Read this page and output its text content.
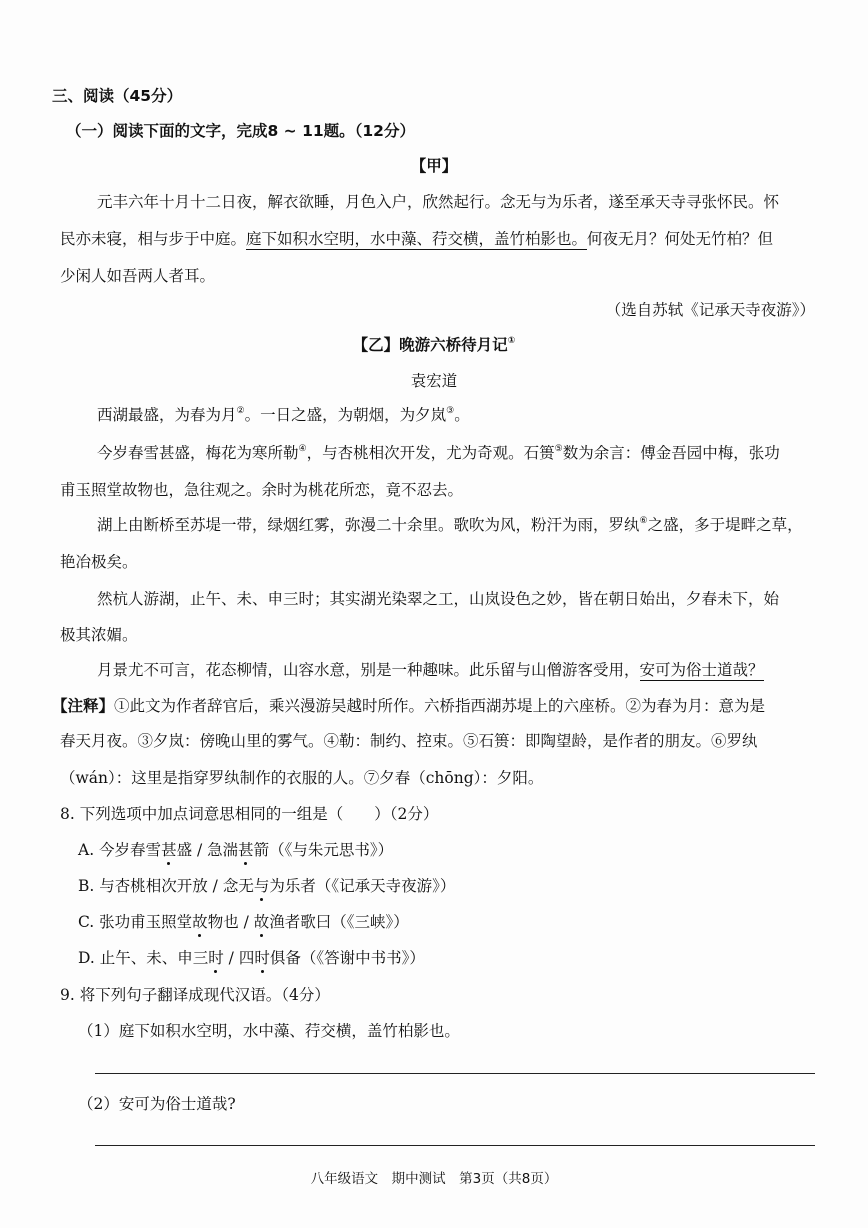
三、阅读（45分）
（一）阅读下面的文字，完成8 ~ 11题。（12分）
【甲】
元丰六年十月十二日夜，解衣欲睡，月色入户，欣然起行。念无与为乐者，遂至承天寺寻张怀民。怀
民亦未寝，相与步于中庭。庭下如积水空明，水中藻、荇交横，盖竹柏影也。何夜无月？何处无竹柏？但
少闲人如吾两人者耳。
（选自苏轼《记承天寺夜游》）
【乙】晚游六桥待月记①
袁宏道
西湖最盛，为春为月②。一日之盛，为朝烟，为夕岚③。
今岁春雪甚盛，梅花为寒所勒④，与杏桃相次开发，尤为奇观。石篑⑤数为余言：傅金吾园中梅，张功
甫玉照堂故物也，急往观之。余时为桃花所恋，竟不忍去。
湖上由断桥至苏堤一带，绿烟红雾，弥漫二十余里。歌吹为风，粉汗为雨，罗纨⑥之盛，多于堤畔之草，
艳冶极矣。
然杭人游湖，止午、未、申三时；其实湖光染翠之工，山岚设色之妙，皆在朝日始出，夕春未下，始
极其浓媚。
月景尤不可言，花态柳情，山容水意，别是一种趣味。此乐留与山僧游客受用，安可为俗士道哉？
【注释】①此文为作者辞官后，乘兴漫游吴越时所作。六桥指西湖苏堤上的六座桥。②为春为月：意为是
春天月夜。③夕岚：傍晚山里的雾气。④勒：制约、控束。⑤石篑：即陶望龄，是作者的朋友。⑥罗纨
（wán）：这里是指穿罗纨制作的衣服的人。⑦夕春（chōng）：夕阳。
8. 下列选项中加点词意思相同的一组是（　　）（2分）
A. 今岁春雪甚盛 / 急湍甚箭（《与朱元思书》）
B. 与杏桃相次开放 / 念无与为乐者（《记承天寺夜游》）
C. 张功甫玉照堂故物也 / 故渔者歌曰（《三峡》）
D. 止午、未、申三时 / 四时俱备（《答谢中书书》）
9. 将下列句子翻译成现代汉语。（4分）
（1）庭下如积水空明，水中藻、荇交横，盖竹柏影也。
（2）安可为俗士道哉?
八年级语文　期中测试　第3页（共8页）
